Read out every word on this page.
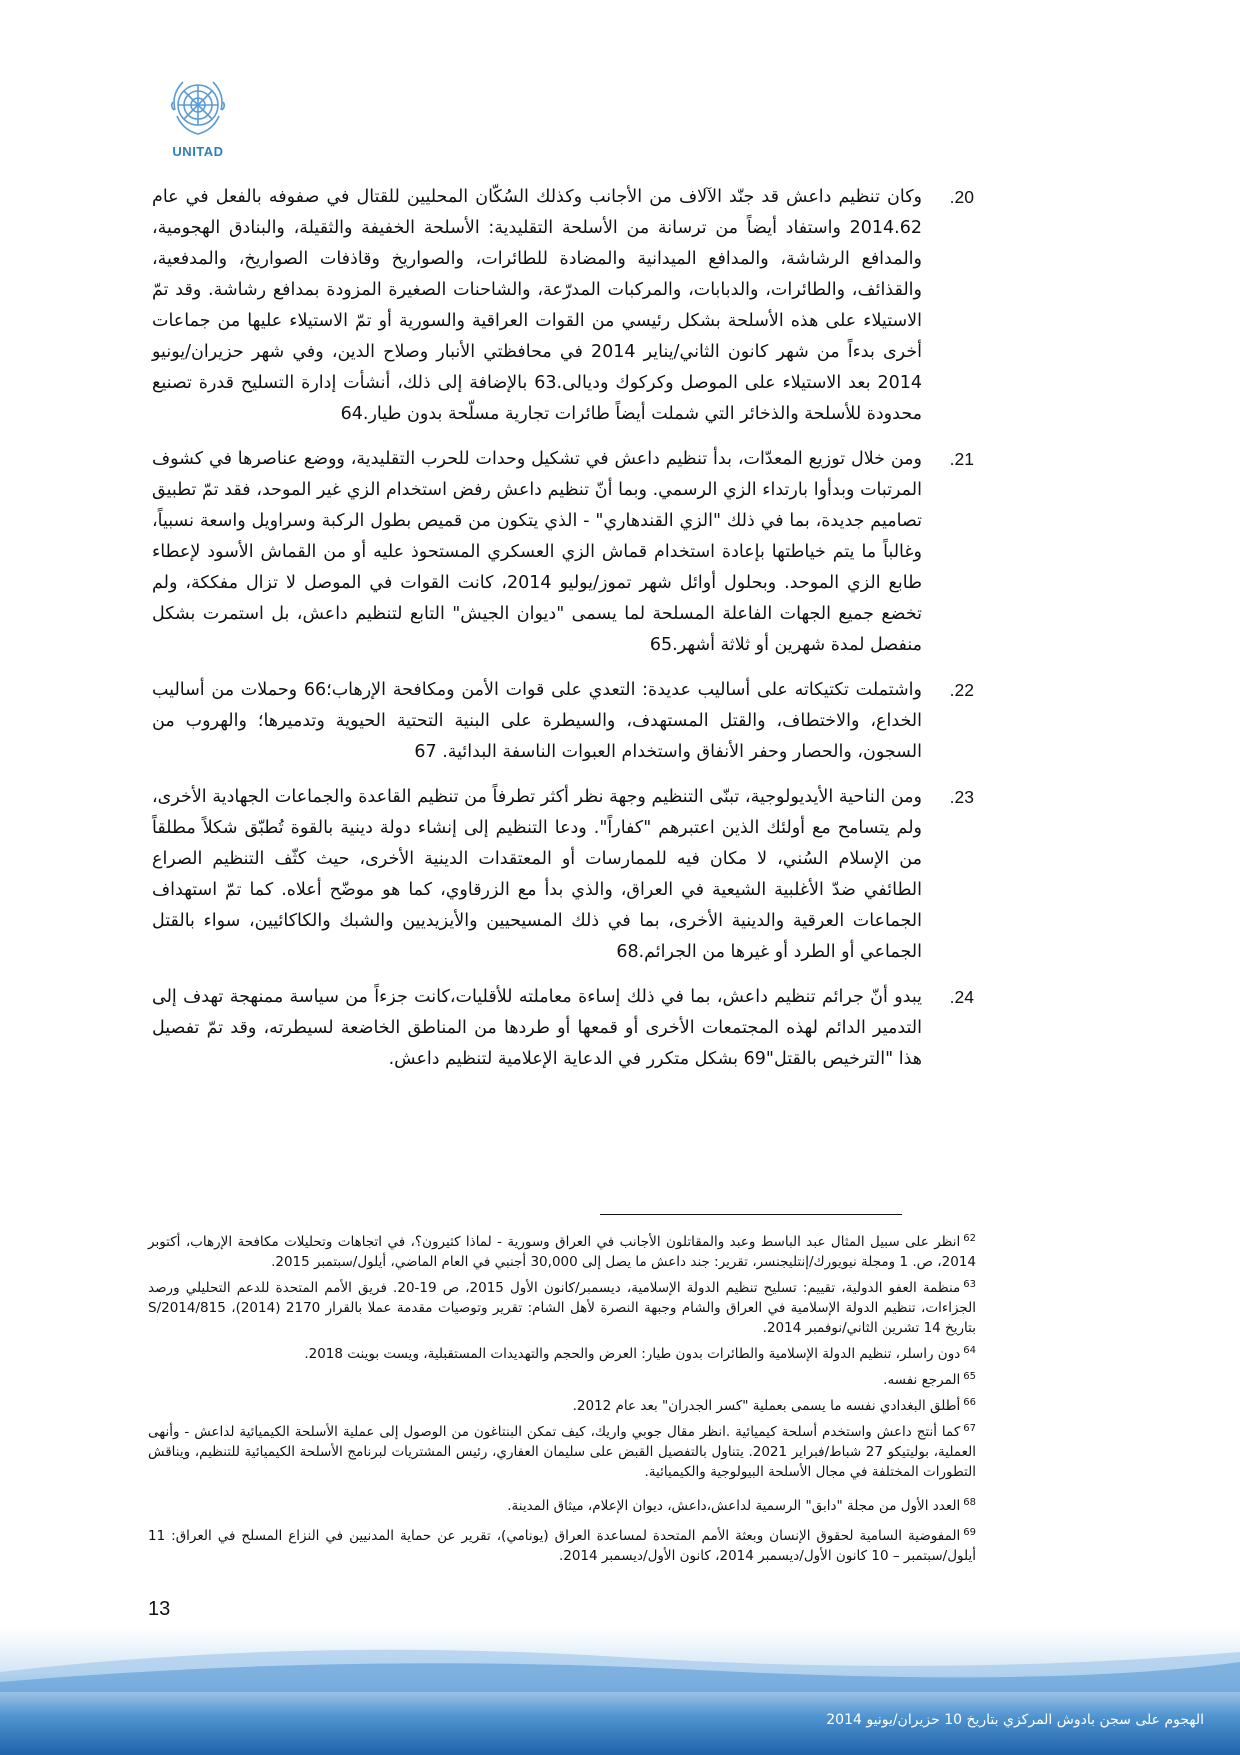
UNITAD
.20
وكان تنظيم داعش قد جنّد الآلاف من الأجانب وكذلك السُكّان المحليين للقتال في صفوفه بالفعل في عام 2014.62 واستفاد أيضاً من ترسانة من الأسلحة التقليدية: الأسلحة الخفيفة والثقيلة، والبنادق الهجومية، والمدافع الرشاشة، والمدافع الميدانية والمضادة للطائرات، والصواريخ وقاذفات الصواريخ، والمدفعية، والقذائف، والطائرات، والدبابات، والمركبات المدرّعة، والشاحنات الصغيرة المزودة بمدافع رشاشة. وقد تمّ الاستيلاء على هذه الأسلحة بشكل رئيسي من القوات العراقية والسورية أو تمّ الاستيلاء عليها من جماعات أخرى بدءاً من شهر كانون الثاني/يناير 2014 في محافظتي الأنبار وصلاح الدين، وفي شهر حزيران/يونيو 2014 بعد الاستيلاء على الموصل وكركوك وديالى.63 بالإضافة إلى ذلك، أنشأت إدارة التسليح قدرة تصنيع محدودة للأسلحة والذخائر التي شملت أيضاً طائرات تجارية مسلّحة بدون طيار.64
.21
ومن خلال توزيع المعدّات، بدأ تنظيم داعش في تشكيل وحدات للحرب التقليدية، ووضع عناصرها في كشوف المرتبات وبدأوا بارتداء الزي الرسمي. وبما أنّ تنظيم داعش رفض استخدام الزي غير الموحد، فقد تمّ تطبيق تصاميم جديدة، بما في ذلك "الزي القندهاري" - الذي يتكون من قميص بطول الركبة وسراويل واسعة نسبياً، وغالباً ما يتم خياطتها بإعادة استخدام قماش الزي العسكري المستحوذ عليه أو من القماش الأسود لإعطاء طابع الزي الموحد. وبحلول أوائل شهر تموز/يوليو 2014، كانت القوات في الموصل لا تزال مفككة، ولم تخضع جميع الجهات الفاعلة المسلحة لما يسمى "ديوان الجيش" التابع لتنظيم داعش، بل استمرت بشكل منفصل لمدة شهرين أو ثلاثة أشهر.65
.22
واشتملت تكتيكاته على أساليب عديدة: التعدي على قوات الأمن ومكافحة الإرهاب؛66 وحملات من أساليب الخداع، والاختطاف، والقتل المستهدف، والسيطرة على البنية التحتية الحيوية وتدميرها؛ والهروب من السجون، والحصار وحفر الأنفاق واستخدام العبوات الناسفة البدائية. 67
.23
ومن الناحية الأيديولوجية، تبنّى التنظيم وجهة نظر أكثر تطرفاً من تنظيم القاعدة والجماعات الجهادية الأخرى، ولم يتسامح مع أولئك الذين اعتبرهم "كفاراً". ودعا التنظيم إلى إنشاء دولة دينية بالقوة تُطبّق شكلاً مطلقاً من الإسلام السُني، لا مكان فيه للممارسات أو المعتقدات الدينية الأخرى، حيث كثّف التنظيم الصراع الطائفي ضدّ الأغلبية الشيعية في العراق، والذي بدأ مع الزرقاوي، كما هو موضّح أعلاه. كما تمّ استهداف الجماعات العرقية والدينية الأخرى، بما في ذلك المسيحيين والأيزيديين والشبك والكاكائيين، سواء بالقتل الجماعي أو الطرد أو غيرها من الجرائم.68
.24
يبدو أنّ جرائم تنظيم داعش، بما في ذلك إساءة معاملته للأقليات،كانت جزءاً من سياسة ممنهجة تهدف إلى التدمير الدائم لهذه المجتمعات الأخرى أو قمعها أو طردها من المناطق الخاضعة لسيطرته، وقد تمّ تفصيل هذا "الترخيص بالقتل"69 بشكل متكرر في الدعاية الإعلامية لتنظيم داعش.

$^{62}$انظر على سبيل المثال عبد الباسط وعبد والمقاتلون الأجانب في العراق وسورية - لماذا كثيرون؟، في اتجاهات وتحليلات مكافحة الإرهاب، أكتوبر 2014، ص. 1 ومجلة نيويورك/إنتليجنسر، تقرير: جند داعش ما يصل إلى 30,000 أجنبي في العام الماضي، أيلول/سبتمبر 2015.

$^{63}$منظمة العفو الدولية، تقييم: تسليح تنظيم الدولة الإسلامية، ديسمبر/كانون الأول 2015، ص 19-20. فريق الأمم المتحدة للدعم التحليلي ورصد الجزاءات، تنظيم الدولة الإسلامية في العراق والشام وجبهة النصرة لأهل الشام: تقرير وتوصيات مقدمة عملا بالقرار 2170 (2014)، S/2014/815 بتاريخ 14 تشرين الثاني/نوفمبر 2014.

$^{64}$دون راسلر، تنظيم الدولة الإسلامية والطائرات بدون طيار: العرض والحجم والتهديدات المستقبلية، ويست بوينت 2018.

$^{65}$المرجع نفسه.

$^{66}$أطلق البغدادي نفسه ما يسمى بعملية "كسر الجدران" بعد عام 2012.

$^{67}$كما أنتج داعش واستخدم أسلحة كيميائية .انظر مقال جوبي واريك، كيف تمكن البنتاغون من الوصول إلى عملية الأسلحة الكيميائية لداعش - وأنهى العملية، بوليتيكو 27 شباط/فبراير 2021. يتناول بالتفصيل القبض على سليمان العفاري، رئيس المشتريات لبرنامج الأسلحة الكيميائية للتنظيم، ويناقش التطورات المختلفة في مجال الأسلحة البيولوجية والكيميائية.

$^{68}$العدد الأول من مجلة "دابق" الرسمية لداعش،داعش، ديوان الإعلام، ميثاق المدينة.

$^{69}$المفوضية السامية لحقوق الإنسان وبعثة الأمم المتحدة لمساعدة العراق (يونامي)، تقرير عن حماية المدنيين في النزاع المسلح في العراق: 11 أيلول/سبتمبر – 10 كانون الأول/ديسمبر 2014، كانون الأول/ديسمبر 2014.

13
الهجوم على سجن بادوش المركزي بتاريخ 10 حزيران/يونيو 2014
